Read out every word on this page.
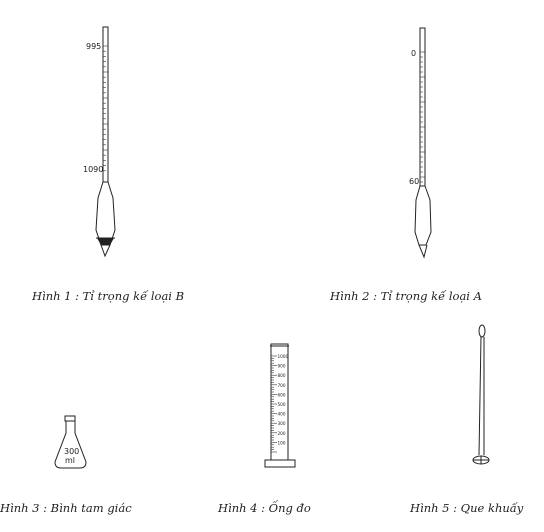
995
1090
0
60
300
ml
1000
900
800
700
600
500
400
300
200
100
Hình 1 : Tỉ trọng kế loại B	Hình 2 : Tỉ trọng kế loại A
Hình 3 : Bình tam giác	Hình 4 : Ống đo	Hình 5 : Que khuấy
